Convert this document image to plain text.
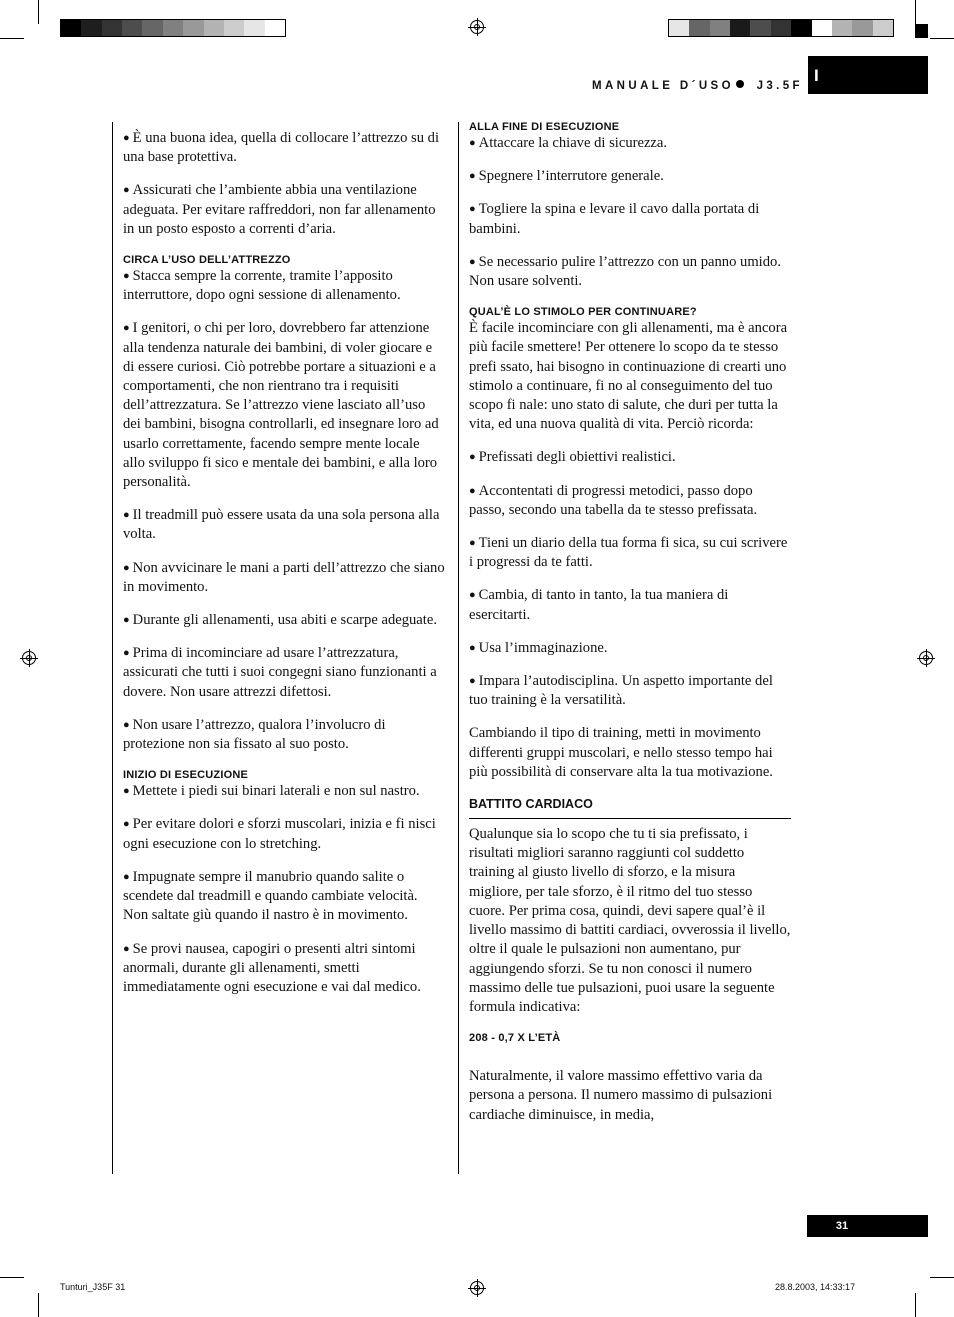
MANUALE D´USO J3.5F
I

● È una buona idea, quella di collocare l’attrezzo su di una base protettiva.

● Assicurati che l’ambiente abbia una ventilazione adeguata. Per evitare raffreddori, non far allenamento in un posto esposto a correnti d’aria.

CIRCA L’USO DELL’ATTREZZO

● Stacca sempre la corrente, tramite l’apposito interruttore, dopo ogni sessione di allenamento.

● I genitori, o chi per loro, dovrebbero far attenzione alla tendenza naturale dei bambini, di voler giocare e di essere curiosi. Ciò potrebbe portare a situazioni e a comportamenti, che non rientrano tra i requisiti dell’attrezzatura. Se l’attrezzo viene lasciato all’uso dei bambini, bisogna controllarli, ed insegnare loro ad usarlo correttamente, facendo sempre mente locale allo sviluppo fi sico e mentale dei bambini, e alla loro personalità.

● Il treadmill può essere usata da una sola persona alla volta.

● Non avvicinare le mani a parti dell’attrezzo che siano in movimento.

● Durante gli allenamenti, usa abiti e scarpe adeguate.

● Prima di incominciare ad usare l’attrezzatura, assicurati che tutti i suoi congegni siano funzionanti a dovere. Non usare attrezzi difettosi.

● Non usare l’attrezzo, qualora l’involucro di protezione non sia fissato al suo posto.

INIZIO DI ESECUZIONE

● Mettete i piedi sui binari laterali e non sul nastro.

● Per evitare dolori e sforzi muscolari, inizia e fi nisci ogni esecuzione con lo stretching.

● Impugnate sempre il manubrio quando salite o scendete dal treadmill e quando cambiate velocità. Non saltate giù quando il nastro è in movimento.

● Se provi nausea, capogiri o presenti altri sintomi anormali, durante gli allenamenti, smetti immediatamente ogni esecuzione e vai dal medico.

ALLA FINE DI ESECUZIONE

● Attaccare la chiave di sicurezza.

● Spegnere l’interrutore generale.

● Togliere la spina e levare il cavo dalla portata di bambini.

● Se necessario pulire l’attrezzo con un panno umido. Non usare solventi.

QUAL’È LO STIMOLO PER CONTINUARE?

È facile incominciare con gli allenamenti, ma è ancora più facile smettere! Per ottenere lo scopo da te stesso prefi ssato, hai bisogno in continuazione di crearti uno stimolo a continuare, fi no al conseguimento del tuo scopo fi nale: uno stato di salute, che duri per tutta la vita, ed una nuova qualità di vita. Perciò ricorda:

● Prefissati degli obiettivi realistici.

● Accontentati di progressi metodici, passo dopo passo, secondo una tabella da te stesso prefissata.

● Tieni un diario della tua forma fi sica, su cui scrivere i progressi da te fatti.

● Cambia, di tanto in tanto, la tua maniera di esercitarti.

● Usa l’immaginazione.

● Impara l’autodisciplina. Un aspetto importante del tuo training è la versatilità.

Cambiando il tipo di training, metti in movimento differenti gruppi muscolari, e nello stesso tempo hai più possibilità di conservare alta la tua motivazione.

BATTITO CARDIACO

Qualunque sia lo scopo che tu ti sia prefissato, i risultati migliori saranno raggiunti col suddetto training al giusto livello di sforzo, e la misura migliore, per tale sforzo, è il ritmo del tuo stesso cuore. Per prima cosa, quindi, devi sapere qual’è il livello massimo di battiti cardiaci, ovverossia il livello, oltre il quale le pulsazioni non aumentano, pur aggiungendo sforzi. Se tu non conosci il numero massimo delle tue pulsazioni, puoi usare la seguente formula indicativa:

208 - 0,7 X L’ETÀ

Naturalmente, il valore massimo effettivo varia da persona a persona. Il numero massimo di pulsazioni cardiache diminuisce, in media,

31
Tunturi_J35F 31	28.8.2003, 14:33:17
